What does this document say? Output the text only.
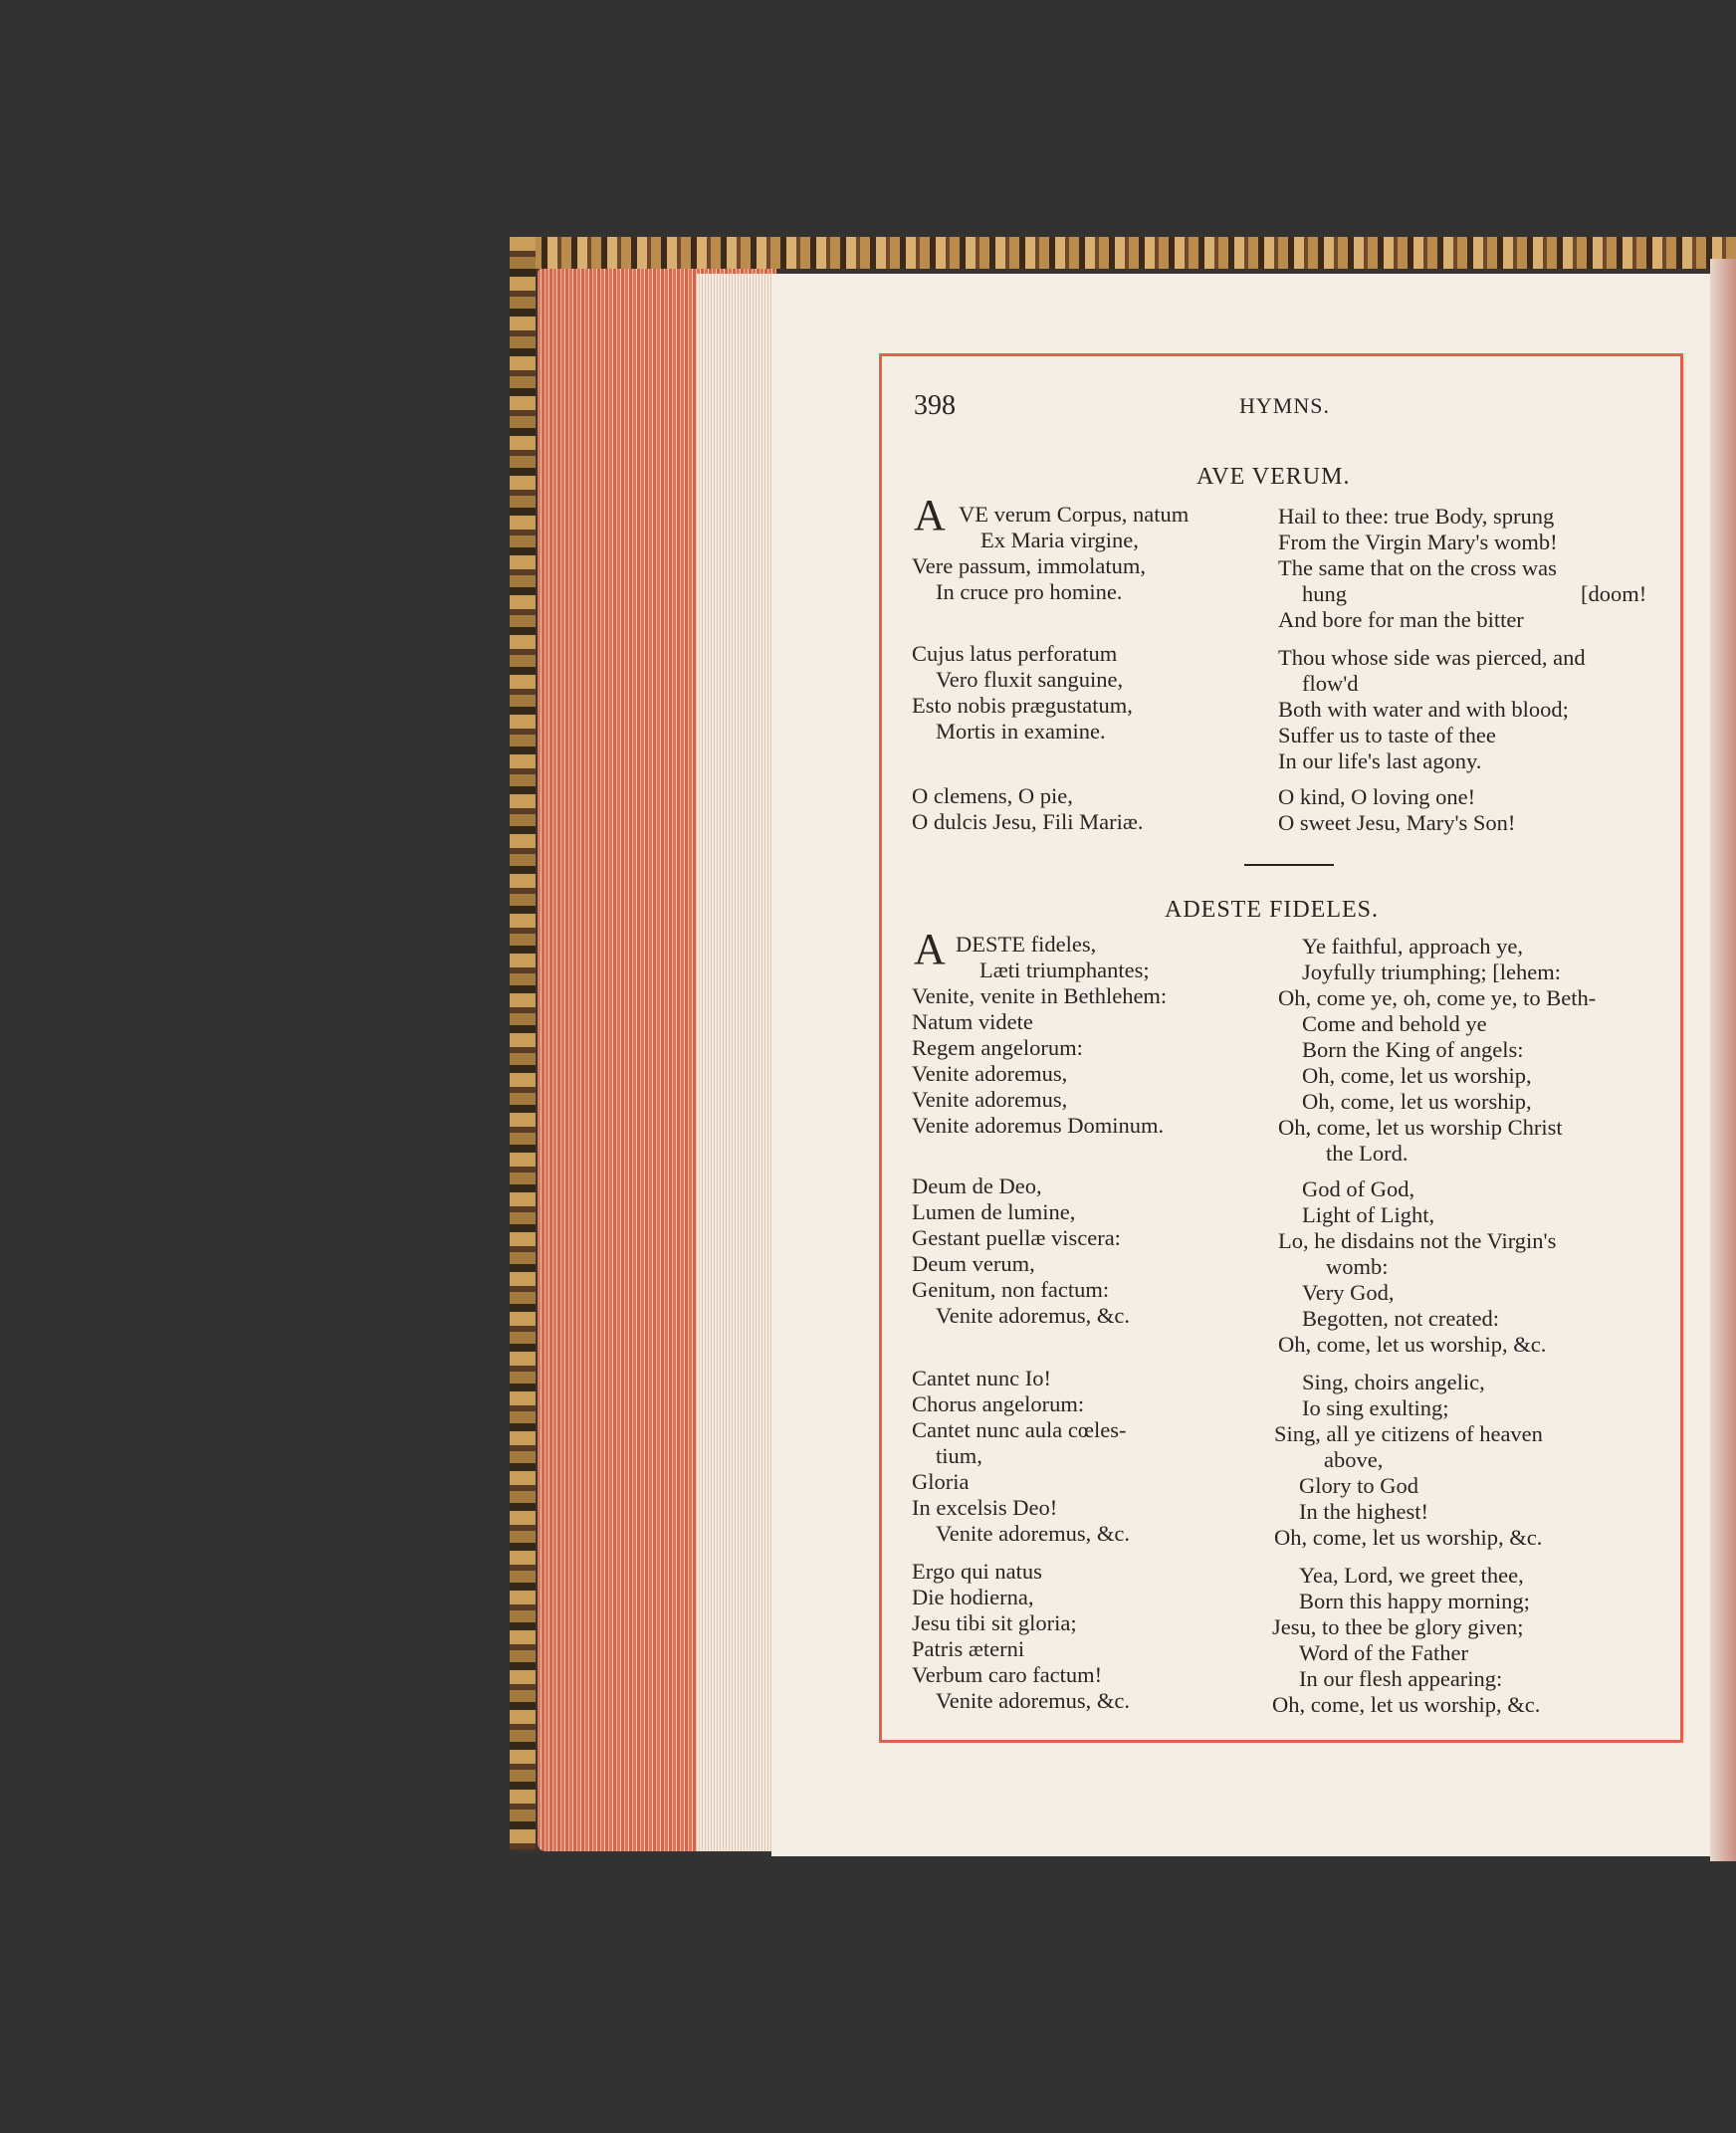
398	HYMNS.
AVE VERUM.
A VE verum Corpus, natum
Ex Maria virgine,
Vere passum, immolatum,
In cruce pro homine.
Cujus latus perforatum
Vero fluxit sanguine,
Esto nobis prægustatum,
Mortis in examine.
O clemens, O pie,
O dulcis Jesu, Fili Mariæ.
Hail to thee: true Body, sprung
From the Virgin Mary's womb!
The same that on the cross was
hung	[doom!
And bore for man the bitter
Thou whose side was pierced, and
flow'd
Both with water and with blood;
Suffer us to taste of thee
In our life's last agony.
O kind, O loving one!
O sweet Jesu, Mary's Son!
ADESTE FIDELES.
A DESTE fideles,
Læti triumphantes;
Venite, venite in Bethlehem:
Natum videte
Regem angelorum:
Venite adoremus,
Venite adoremus,
Venite adoremus Dominum.
Deum de Deo,
Lumen de lumine,
Gestant puellæ viscera:
Deum verum,
Genitum, non factum:
Venite adoremus, &c.
Cantet nunc Io!
Chorus angelorum:
Cantet nunc aula cœles-
tium,
Gloria
In excelsis Deo!
Venite adoremus, &c.
Ergo qui natus
Die hodierna,
Jesu tibi sit gloria;
Patris æterni
Verbum caro factum!
Venite adoremus, &c.
Ye faithful, approach ye,
Joyfully triumphing; [lehem:
Oh, come ye, oh, come ye, to Beth-
Come and behold ye
Born the King of angels:
Oh, come, let us worship,
Oh, come, let us worship,
Oh, come, let us worship Christ
the Lord.
God of God,
Light of Light,
Lo, he disdains not the Virgin's
womb:
Very God,
Begotten, not created:
Oh, come, let us worship, &c.
Sing, choirs angelic,
Io sing exulting;
Sing, all ye citizens of heaven
above,
Glory to God
In the highest!
Oh, come, let us worship, &c.
Yea, Lord, we greet thee,
Born this happy morning;
Jesu, to thee be glory given;
Word of the Father
In our flesh appearing:
Oh, come, let us worship, &c.
